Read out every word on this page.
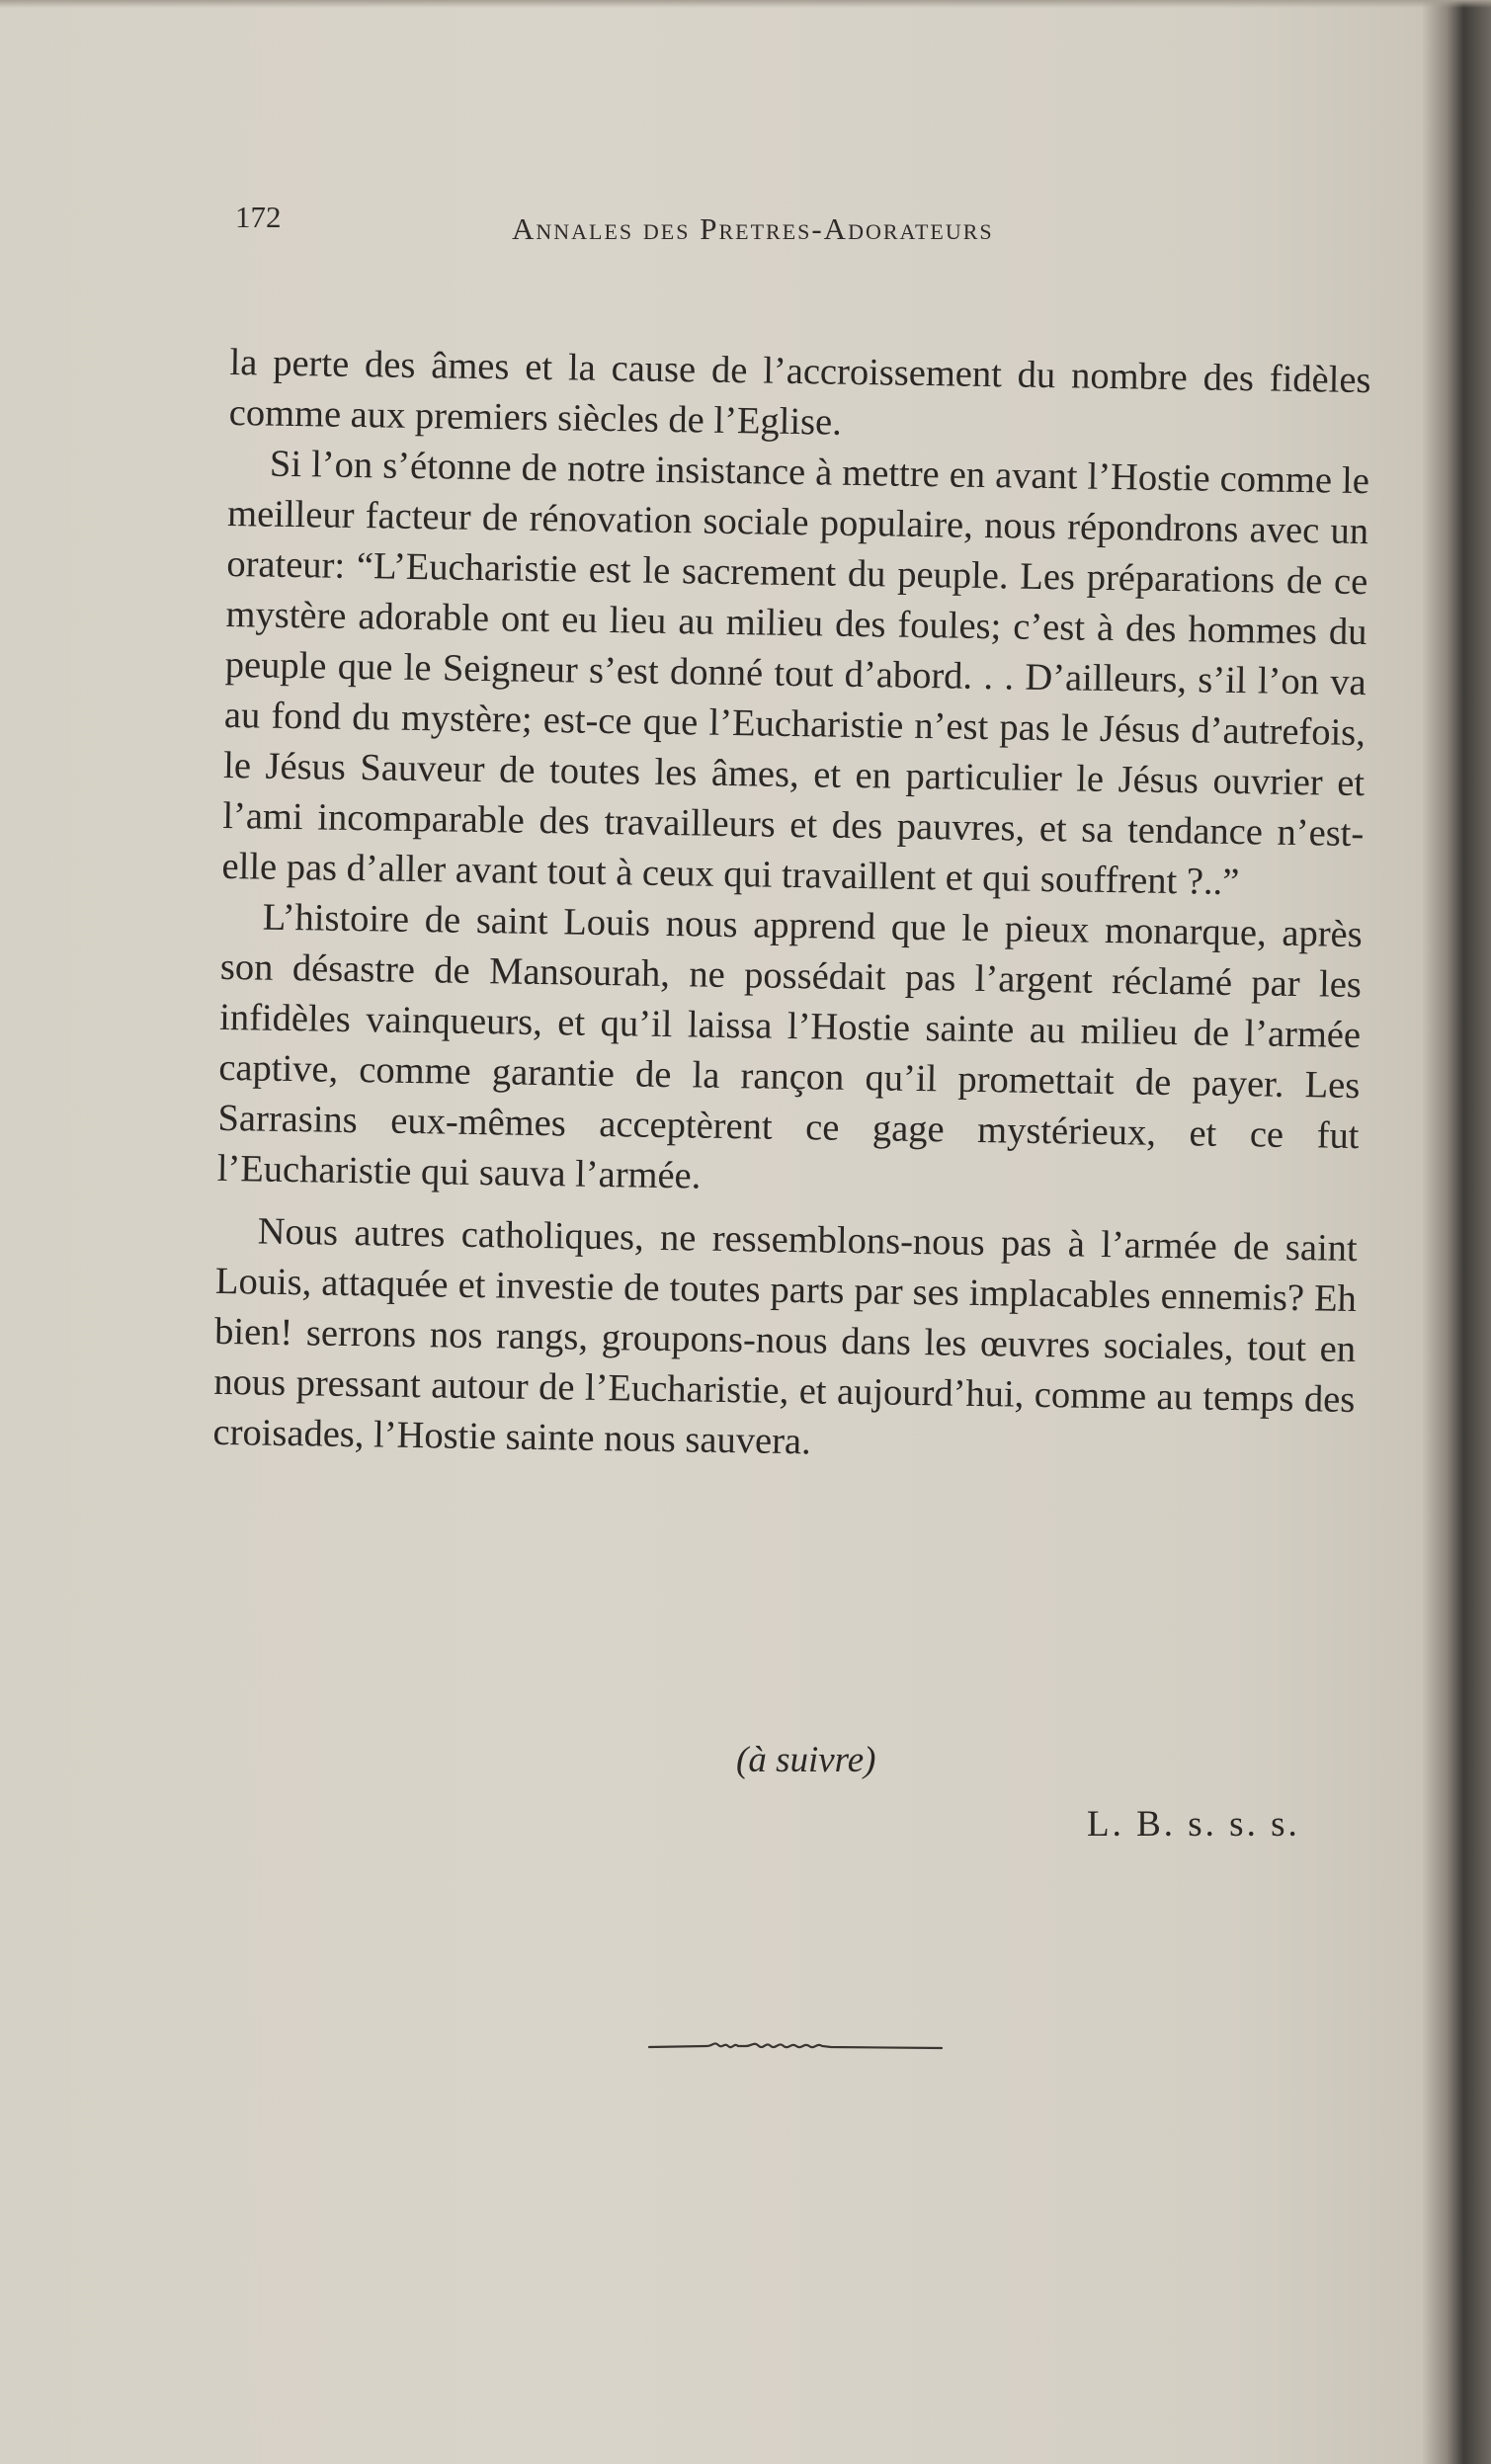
172	Annales des Pretres-Adorateurs

la perte des âmes et la cause de l’accroissement du nombre des fidèles comme aux premiers siècles de l’Eglise.

Si l’on s’étonne de notre insistance à mettre en avant l’Hostie comme le meilleur facteur de rénovation sociale populaire, nous répondrons avec un orateur: “L’Eucharistie est le sacrement du peuple. Les préparations de ce mystère adorable ont eu lieu au milieu des foules; c’est à des hommes du peuple que le Seigneur s’est donné tout d’abord. . . D’ailleurs, s’il l’on va au fond du mystère; est-ce que l’Eucharistie n’est pas le Jésus d’autrefois, le Jésus Sauveur de toutes les âmes, et en particulier le Jésus ouvrier et l’ami incomparable des travailleurs et des pauvres, et sa tendance n’est-elle pas d’aller avant tout à ceux qui travaillent et qui souffrent ?..”

L’histoire de saint Louis nous apprend que le pieux monarque, après son désastre de Mansourah, ne possédait pas l’argent réclamé par les infidèles vainqueurs, et qu’il laissa l’Hostie sainte au milieu de l’armée captive, comme garantie de la rançon qu’il promettait de payer. Les Sarrasins eux-mêmes acceptèrent ce gage mystérieux, et ce fut l’Eucharistie qui sauva l’armée.

Nous autres catholiques, ne ressemblons-nous pas à l’armée de saint Louis, attaquée et investie de toutes parts par ses implacables ennemis? Eh bien! serrons nos rangs, groupons-nous dans les œuvres sociales, tout en nous pressant autour de l’Eucharistie, et aujourd’hui, comme au temps des croisades, l’Hostie sainte nous sauvera.

(à suivre)
L. B. s. s. s.
